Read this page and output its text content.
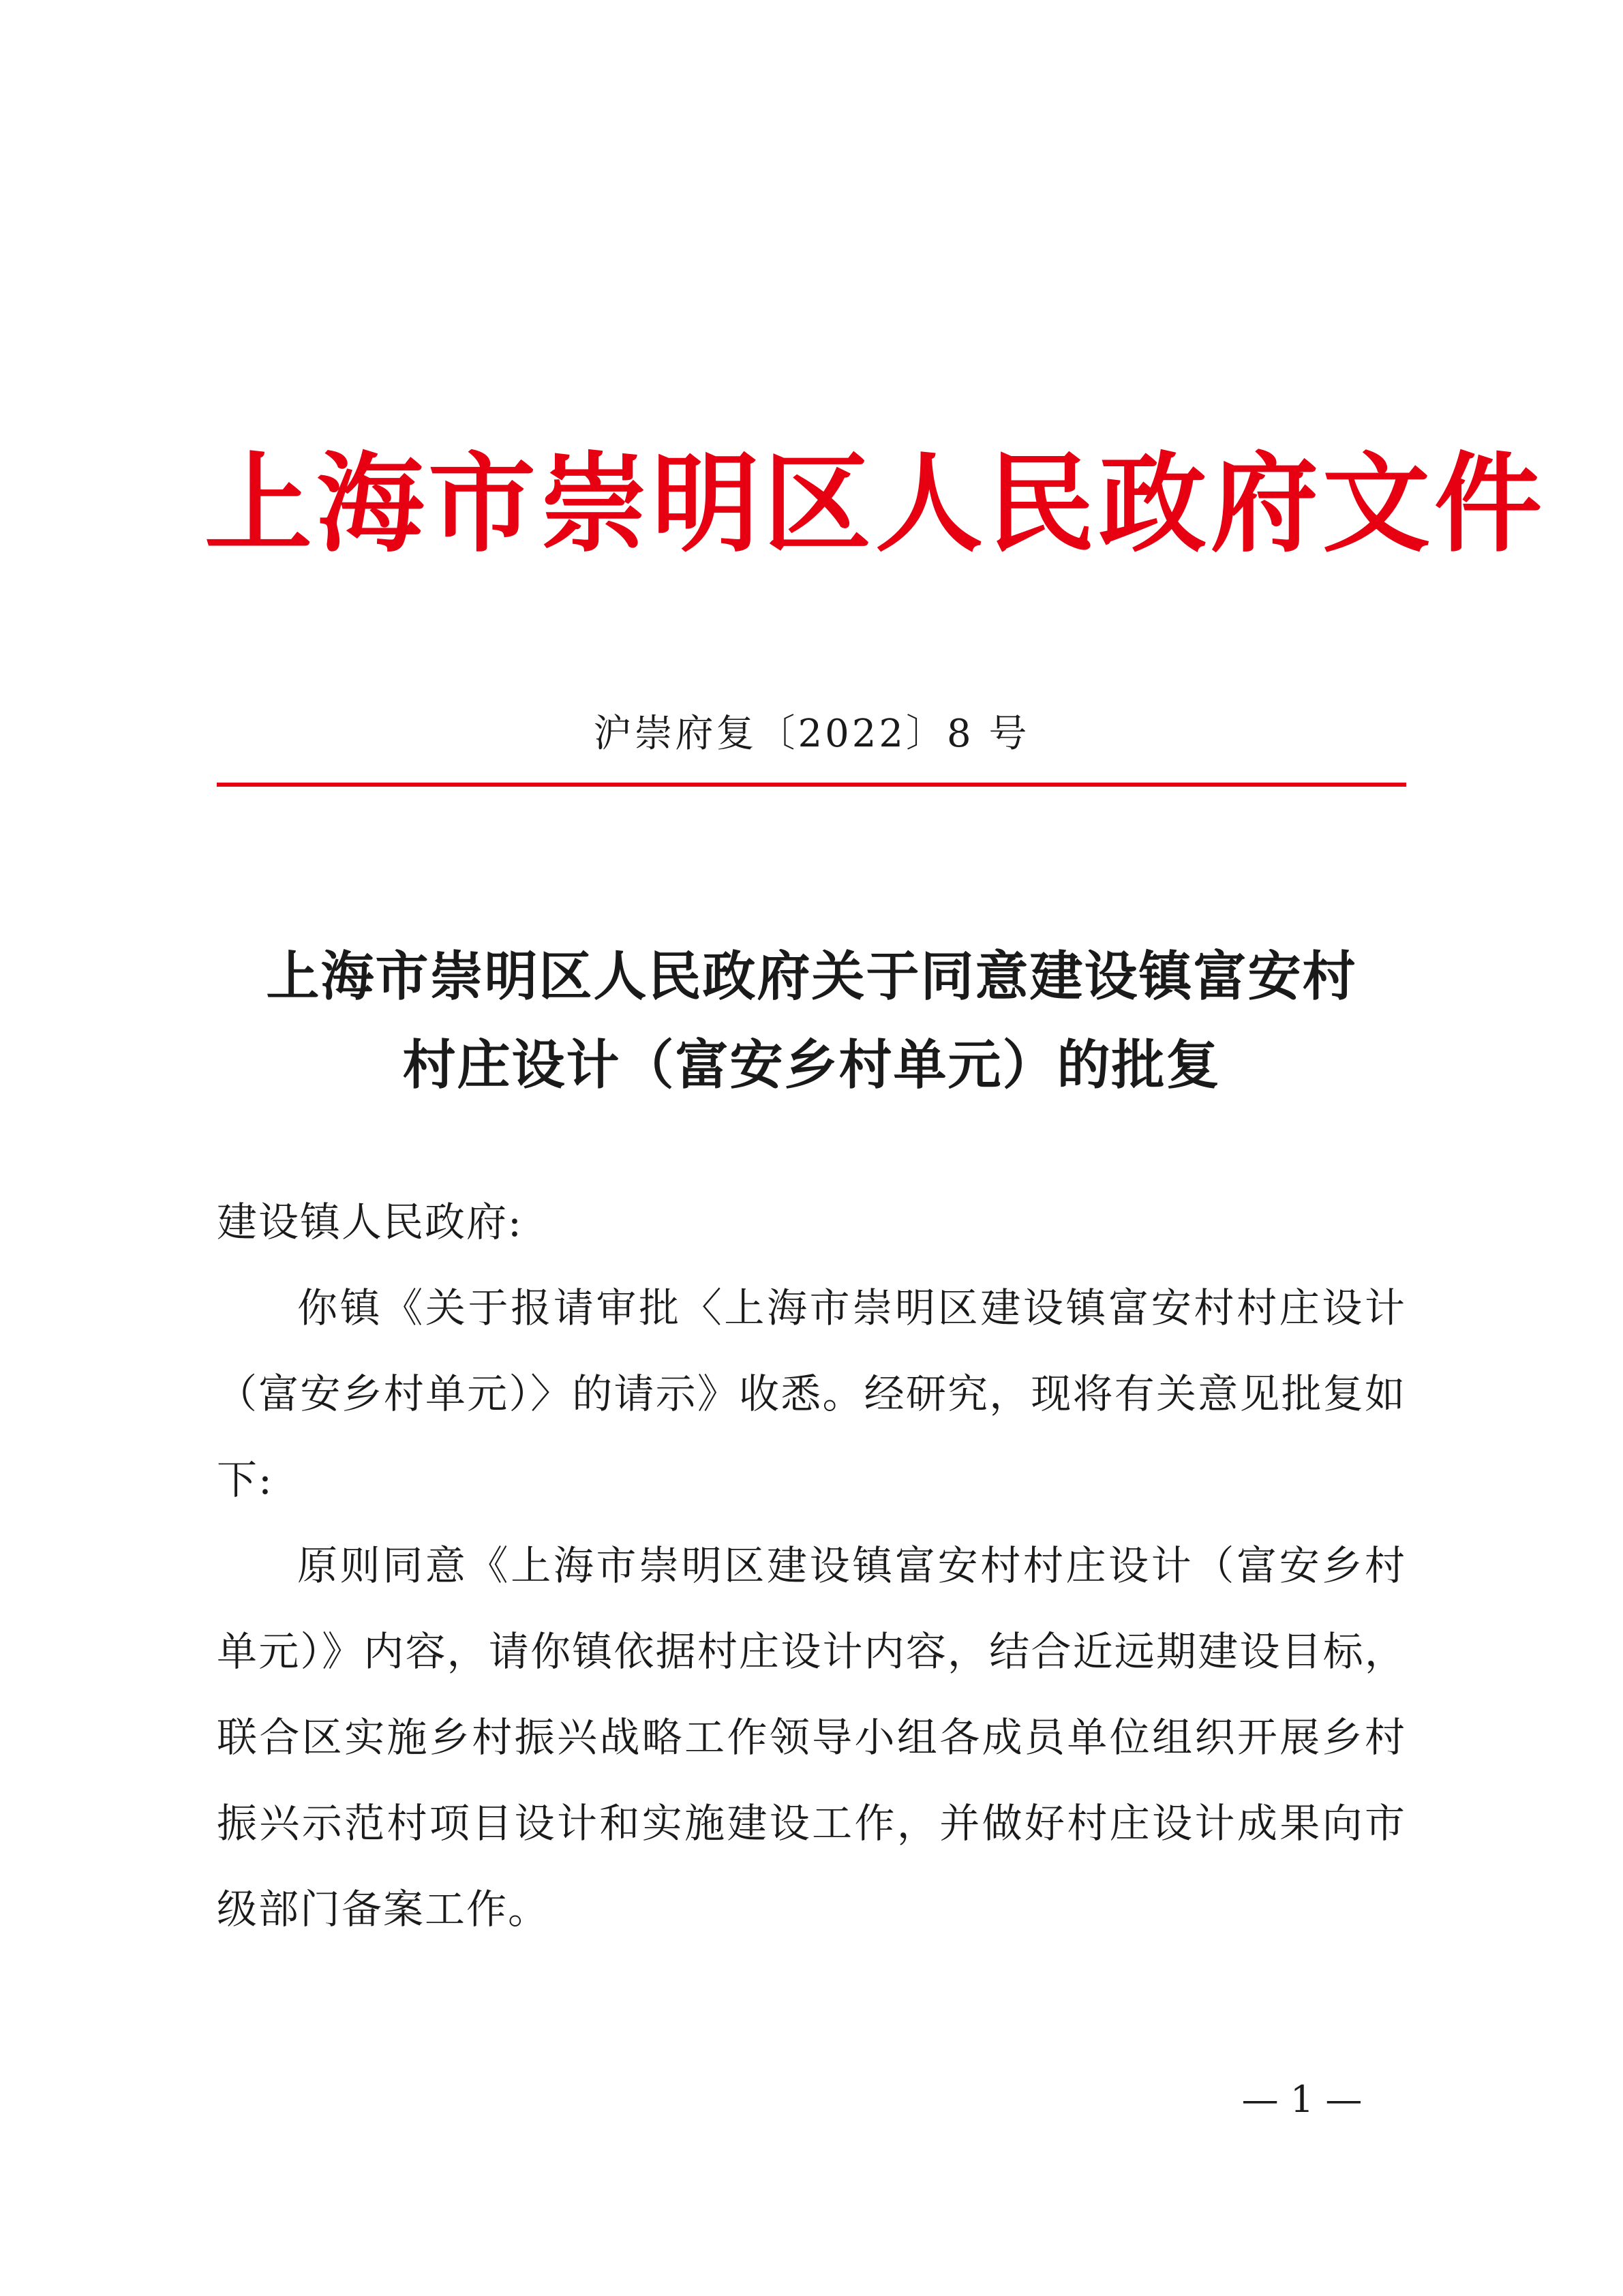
上海市崇明区人民政府文件
沪崇府复〔2022〕8 号
上海市崇明区人民政府关于同意建设镇富安村
村庄设计（富安乡村单元）的批复

建设镇人民政府:

你镇《关于报请审批〈上海市崇明区建设镇富安村村庄设计（富安乡村单元）〉的请示》收悉。经研究，现将有关意见批复如下:

原则同意《上海市崇明区建设镇富安村村庄设计（富安乡村单元）》内容，请你镇依据村庄设计内容，结合近远期建设目标，联合区实施乡村振兴战略工作领导小组各成员单位组织开展乡村振兴示范村项目设计和实施建设工作，并做好村庄设计成果向市级部门备案工作。

— 1 —
